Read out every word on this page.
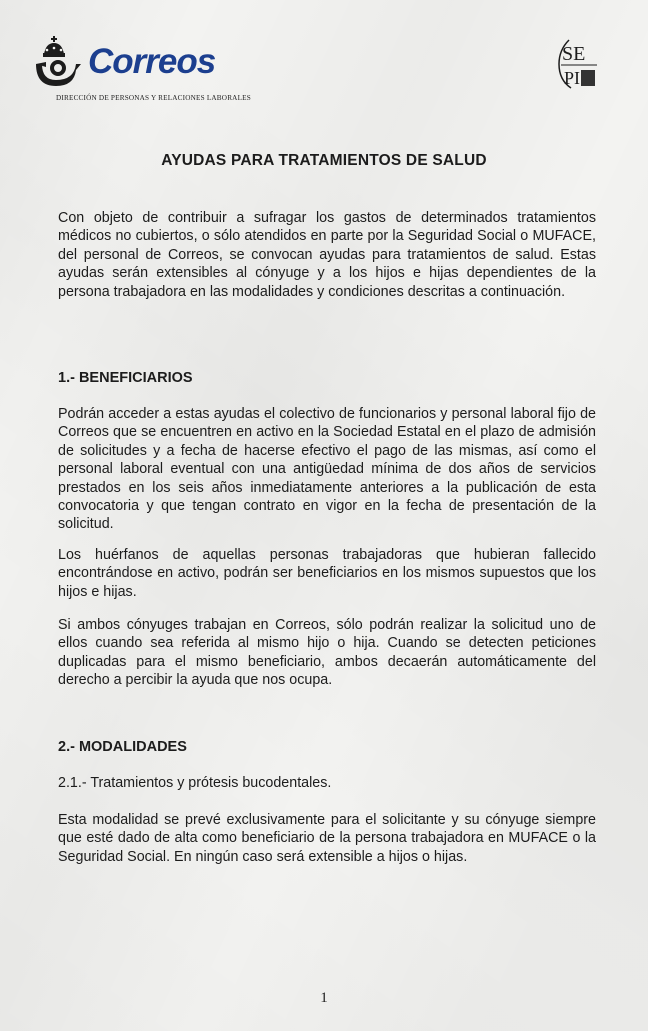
Correos
DIRECCIÓN DE PERSONAS Y RELACIONES LABORALES
SE
PI
AYUDAS PARA TRATAMIENTOS DE SALUD
Con objeto de contribuir a sufragar los gastos de determinados tratamientos médicos no cubiertos, o sólo atendidos en parte por la Seguridad Social o MUFACE, del personal de Correos, se convocan ayudas para tratamientos de salud. Estas ayudas serán extensibles al cónyuge y a los hijos e hijas dependientes de la persona trabajadora en las modalidades y condiciones descritas a continuación.
1.- BENEFICIARIOS
Podrán acceder a estas ayudas el colectivo de funcionarios y personal laboral fijo de Correos que se encuentren en activo en la Sociedad Estatal en el plazo de admisión de solicitudes y a fecha de hacerse efectivo el pago de las mismas, así como el personal laboral eventual con una antigüedad mínima de dos años de servicios prestados en los seis años inmediatamente anteriores a la publicación de esta convocatoria y que tengan contrato en vigor en la fecha de presentación de la solicitud.
Los huérfanos de aquellas personas trabajadoras que hubieran fallecido encontrándose en activo, podrán ser beneficiarios en los mismos supuestos que los hijos e hijas.
Si ambos cónyuges trabajan en Correos, sólo podrán realizar la solicitud uno de ellos cuando sea referida al mismo hijo o hija. Cuando se detecten peticiones duplicadas para el mismo beneficiario, ambos decaerán automáticamente del derecho a percibir la ayuda que nos ocupa.
2.- MODALIDADES
2.1.- Tratamientos y prótesis bucodentales.
Esta modalidad se prevé exclusivamente para el solicitante y su cónyuge siempre que esté dado de alta como beneficiario de la persona trabajadora en MUFACE o la Seguridad Social. En ningún caso será extensible a hijos o hijas.
1
